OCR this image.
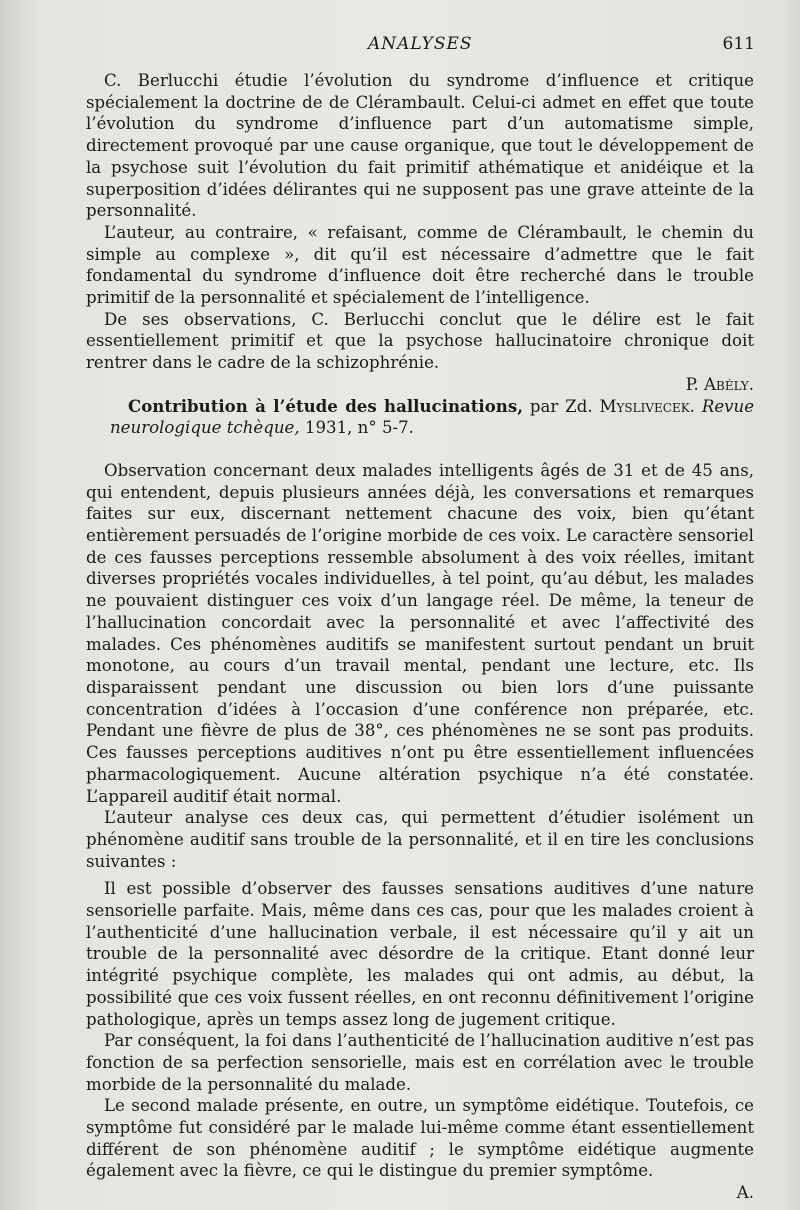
ANALYSES	611

C. Berlucchi étudie l’évolution du syndrome d’influence et critique spécialement la doctrine de de Clérambault. Celui-ci admet en effet que toute l’évolution du syndrome d’influence part d’un automatisme simple, directement provoqué par une cause organique, que tout le développement de la psychose suit l’évolution du fait primitif athématique et anidéique et la superposition d’idées délirantes qui ne supposent pas une grave atteinte de la personnalité.

L’auteur, au contraire, « refaisant, comme de Clérambault, le chemin du simple au complexe », dit qu’il est nécessaire d’admettre que le fait fondamental du syndrome d’influence doit être recherché dans le trouble primitif de la personnalité et spécialement de l’intelligence.

De ses observations, C. Berlucchi conclut que le délire est le fait essentiellement primitif et que la psychose hallucinatoire chronique doit rentrer dans le cadre de la schizophrénie.

P. Abély.

Contribution à l’étude des hallucinations, par Zd. Myslivecek. Revue neurologique tchèque, 1931, n° 5-7.

Observation concernant deux malades intelligents âgés de 31 et de 45 ans, qui entendent, depuis plusieurs années déjà, les conversations et remarques faites sur eux, discernant nettement chacune des voix, bien qu’étant entièrement persuadés de l’origine morbide de ces voix. Le caractère sensoriel de ces fausses perceptions ressemble absolument à des voix réelles, imitant diverses propriétés vocales individuelles, à tel point, qu’au début, les malades ne pouvaient distinguer ces voix d’un langage réel. De même, la teneur de l’hallucination concordait avec la personnalité et avec l’affectivité des malades. Ces phénomènes auditifs se manifestent surtout pendant un bruit monotone, au cours d’un travail mental, pendant une lecture, etc. Ils disparaissent pendant une discussion ou bien lors d’une puissante concentration d’idées à l’occasion d’une conférence non préparée, etc. Pendant une fièvre de plus de 38°, ces phénomènes ne se sont pas produits. Ces fausses perceptions auditives n’ont pu être essentiellement influencées pharmacologiquement. Aucune altération psychique n’a été constatée. L’appareil auditif était normal.

L’auteur analyse ces deux cas, qui permettent d’étudier isolément un phénomène auditif sans trouble de la personnalité, et il en tire les conclusions suivantes :

Il est possible d’observer des fausses sensations auditives d’une nature sensorielle parfaite. Mais, même dans ces cas, pour que les malades croient à l’authenticité d’une hallucination verbale, il est nécessaire qu’il y ait un trouble de la personnalité avec désordre de la critique. Etant donné leur intégrité psychique complète, les malades qui ont admis, au début, la possibilité que ces voix fussent réelles, en ont reconnu définitivement l’origine pathologique, après un temps assez long de jugement critique.

Par conséquent, la foi dans l’authenticité de l’hallucination auditive n’est pas fonction de sa perfection sensorielle, mais est en corrélation avec le trouble morbide de la personnalité du malade.

Le second malade présente, en outre, un symptôme eidétique. Toutefois, ce symptôme fut considéré par le malade lui-même comme étant essentiellement différent de son phénomène auditif ; le symptôme eidétique augmente également avec la fièvre, ce qui le distingue du premier symptôme.

A.
